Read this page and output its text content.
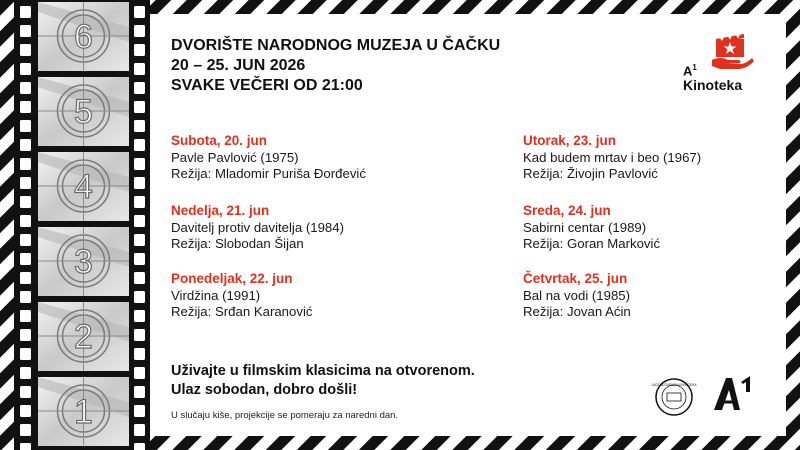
6
5
4
3
2
1
DVORIŠTE NARODNOG MUZEJA U ČAČKU
20 – 25. JUN 2026
SVAKE VEČERI OD 21:00
$A^1$
Kinoteka
Subota, 20. jun
Pavle Pavlović (1975)
Režija: Mladomir Puriša Đorđević
Nedelja, 21. jun
Davitelj protiv davitelja (1984)
Režija: Slobodan Šijan
Ponedeljak, 22. jun
Virdžina (1991)
Režija: Srđan Karanović
Utorak, 23. jun
Kad budem mrtav i beo (1967)
Režija: Živojin Pavlović
Sreda, 24. jun
Sabirni centar (1989)
Režija: Goran Marković
Četvrtak, 25. jun
Bal na vodi (1985)
Režija: Jovan Aćin
Uživajte u filmskim klasicima na otvorenom.
Ulaz sobodan, dobro došli!
U slučaju kiše, projekcije se pomeraju za naredni dan.
JUGOSLOVENSKA KINOTEKA
